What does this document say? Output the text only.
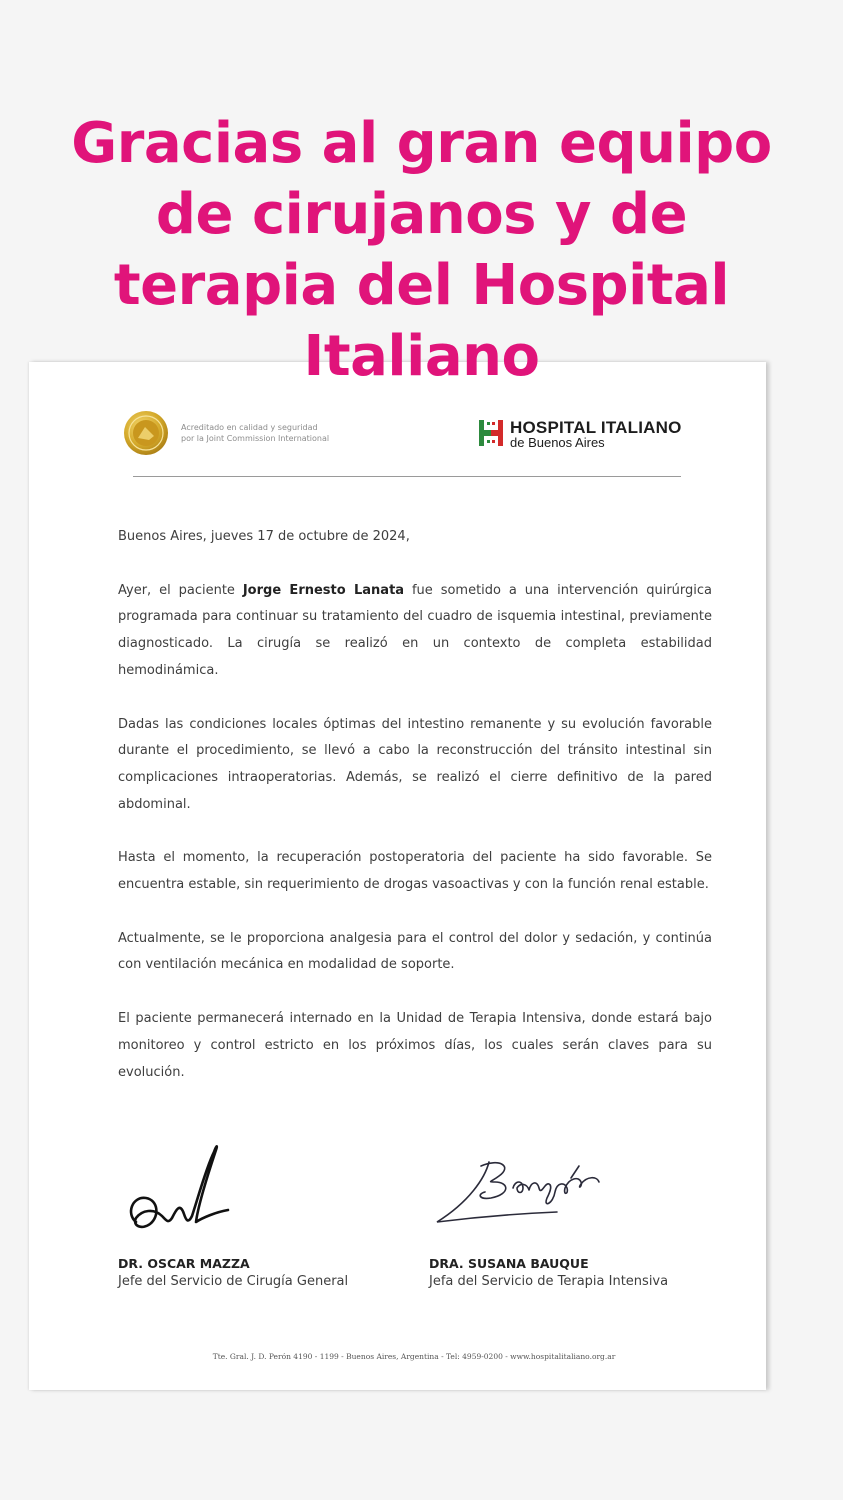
Gracias al gran equipo
de cirujanos y de
terapia del Hospital
Italiano
Acreditado en calidad y seguridad
por la Joint Commission International
HOSPITAL ITALIANO
de Buenos Aires

Buenos Aires, jueves 17 de octubre de 2024,

Ayer, el paciente Jorge Ernesto Lanata fue sometido a una intervención quirúrgica programada para continuar su tratamiento del cuadro de isquemia intestinal, previamente diagnosticado. La cirugía se realizó en un contexto de completa estabilidad hemodinámica.

Dadas las condiciones locales óptimas del intestino remanente y su evolución favorable durante el procedimiento, se llevó a cabo la reconstrucción del tránsito intestinal sin complicaciones intraoperatorias. Además, se realizó el cierre definitivo de la pared abdominal.

Hasta el momento, la recuperación postoperatoria del paciente ha sido favorable. Se encuentra estable, sin requerimiento de drogas vasoactivas y con la función renal estable.

Actualmente, se le proporciona analgesia para el control del dolor y sedación, y continúa con ventilación mecánica en modalidad de soporte.

El paciente permanecerá internado en la Unidad de Terapia Intensiva, donde estará bajo monitoreo y control estricto en los próximos días, los cuales serán claves para su evolución.

DR. OSCAR MAZZA
Jefe del Servicio de Cirugía General
DRA. SUSANA BAUQUE
Jefa del Servicio de Terapia Intensiva
Tte. Gral. J. D. Perón 4190 - 1199 - Buenos Aires, Argentina - Tel: 4959-0200 - www.hospitalitaliano.org.ar
